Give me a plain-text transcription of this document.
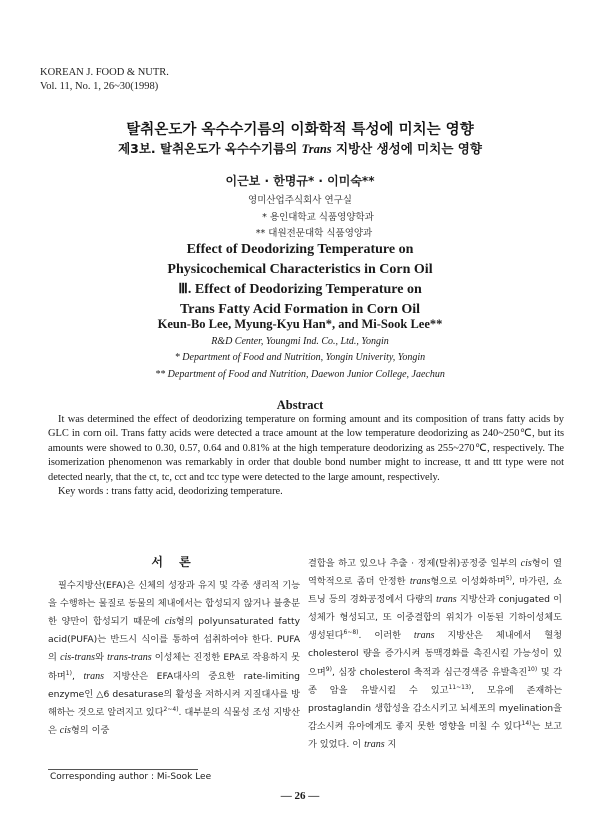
KOREAN J. FOOD & NUTR.
Vol. 11, No. 1, 26~30(1998)
탈취온도가 옥수수기름의 이화학적 특성에 미치는 영향
제3보. 탈취온도가 옥수수기름의 Trans 지방산 생성에 미치는 영향
이근보 · 한명규* · 이미숙**
영미산업주식회사 연구실
* 용인대학교 식품영양학과
** 대원전문대학 식품영양과
Effect of Deodorizing Temperature on
Physicochemical Characteristics in Corn Oil
Ⅲ. Effect of Deodorizing Temperature on
Trans Fatty Acid Formation in Corn Oil
Keun-Bo Lee, Myung-Kyu Han*, and Mi-Sook Lee**
R&D Center, Youngmi Ind. Co., Ltd., Yongin
* Department of Food and Nutrition, Yongin Univerity, Yongin
** Department of Food and Nutrition, Daewon Junior College, Jaechun
Abstract

It was determined the effect of deodorizing temperature on forming amount and its composition of trans fatty acids by GLC in corn oil. Trans fatty acids were detected a trace amount at the low temperature deodorizing as 240~250℃, but its amounts were showed to 0.30, 0.57, 0.64 and 0.81% at the high temperature deodorizing as 255~270℃, respectively. The isomerization phenomenon was remarkably in order that double bond number might to increase, tt and ttt type were not detected nearly, that the ct, tc, cct and tcc type were detected to the large amount, respectively.

Key words : trans fatty acid, deodorizing temperature.

서 론

필수지방산(EFA)은 신체의 성장과 유지 및 각종 생리적 기능을 수행하는 물질로 동물의 체내에서는 합성되지 않거나 불충분한 양만이 합성되기 때문에 cis형의 polyunsaturated fatty acid(PUFA)는 반드시 식이를 통하여 섭취하여야 한다. PUFA의 cis-trans와 trans-trans 이성체는 진정한 EPA로 작용하지 못하며$^{1)}$, trans 지방산은 EFA대사의 중요한 rate-limiting enzyme인 △6 desaturase의 활성을 저하시켜 지질대사를 방해하는 것으로 알려지고 있다$^{2\sim 4)}$. 대부분의 식물성 조성 지방산은 cis형의 이중

결합을 하고 있으나 추출 · 정제(탈취)공정중 일부의 cis형이 열 역학적으로 좀더 안정한 trans형으로 이성화하며$^{5)}$, 마가린, 쇼트닝 등의 경화공정에서 다량의 trans 지방산과 conjugated 이성체가 형성되고, 또 이중결합의 위치가 이동된 기하이성체도 생성된다$^{6\sim 8)}$. 이러한 trans 지방산은 체내에서 혈청 cholesterol 량을 증가시켜 동맥경화를 촉진시킬 가능성이 있으며$^{9)}$, 심장 cholesterol 축적과 심근경색증 유발촉진$^{10)}$ 및 각종 암을 유발시킬 수 있고$^{11\sim 13)}$, 모유에 존재하는 prostaglandin 생합성을 감소시키고 뇌세포의 myelination을 감소시켜 유아에게도 좋지 못한 영향을 미칠 수 있다$^{14)}$는 보고가 있었다. 이 trans 지

Corresponding author : Mi-Sook Lee
— 26 —
